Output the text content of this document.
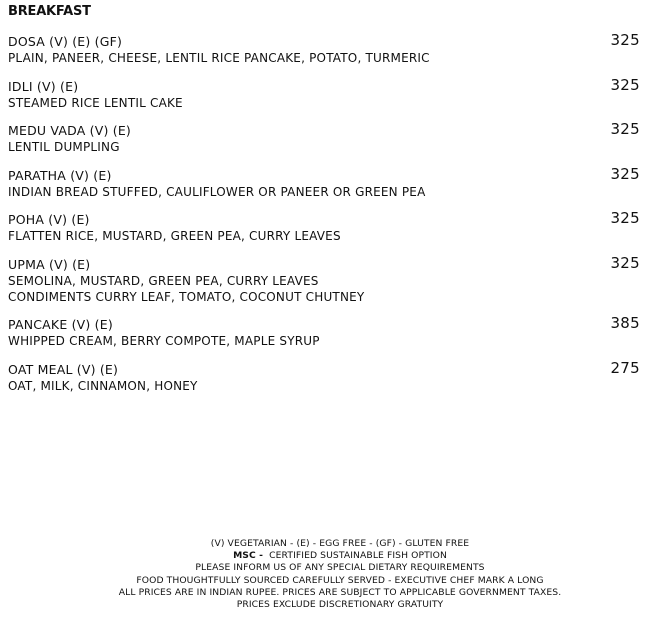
BREAKFAST
DOSA (V) (E) (GF)	325
PLAIN, PANEER, CHEESE, LENTIL RICE PANCAKE, POTATO, TURMERIC
IDLI (V) (E)	325
STEAMED RICE LENTIL CAKE
MEDU VADA (V) (E)	325
LENTIL DUMPLING
PARATHA (V) (E)	325
INDIAN BREAD STUFFED, CAULIFLOWER OR PANEER OR GREEN PEA
POHA (V) (E)	325
FLATTEN RICE, MUSTARD, GREEN PEA, CURRY LEAVES
UPMA (V) (E)	325
SEMOLINA, MUSTARD, GREEN PEA, CURRY LEAVES
CONDIMENTS CURRY LEAF, TOMATO, COCONUT CHUTNEY
PANCAKE (V) (E)	385
WHIPPED CREAM, BERRY COMPOTE, MAPLE SYRUP
OAT MEAL (V) (E)	275
OAT, MILK, CINNAMON, HONEY
(V) VEGETARIAN - (E) - EGG FREE - (GF) - GLUTEN FREE
MSC - CERTIFIED SUSTAINABLE FISH OPTION
PLEASE INFORM US OF ANY SPECIAL DIETARY REQUIREMENTS
FOOD THOUGHTFULLY SOURCED CAREFULLY SERVED - EXECUTIVE CHEF MARK A LONG
ALL PRICES ARE IN INDIAN RUPEE. PRICES ARE SUBJECT TO APPLICABLE GOVERNMENT TAXES.
PRICES EXCLUDE DISCRETIONARY GRATUITY
